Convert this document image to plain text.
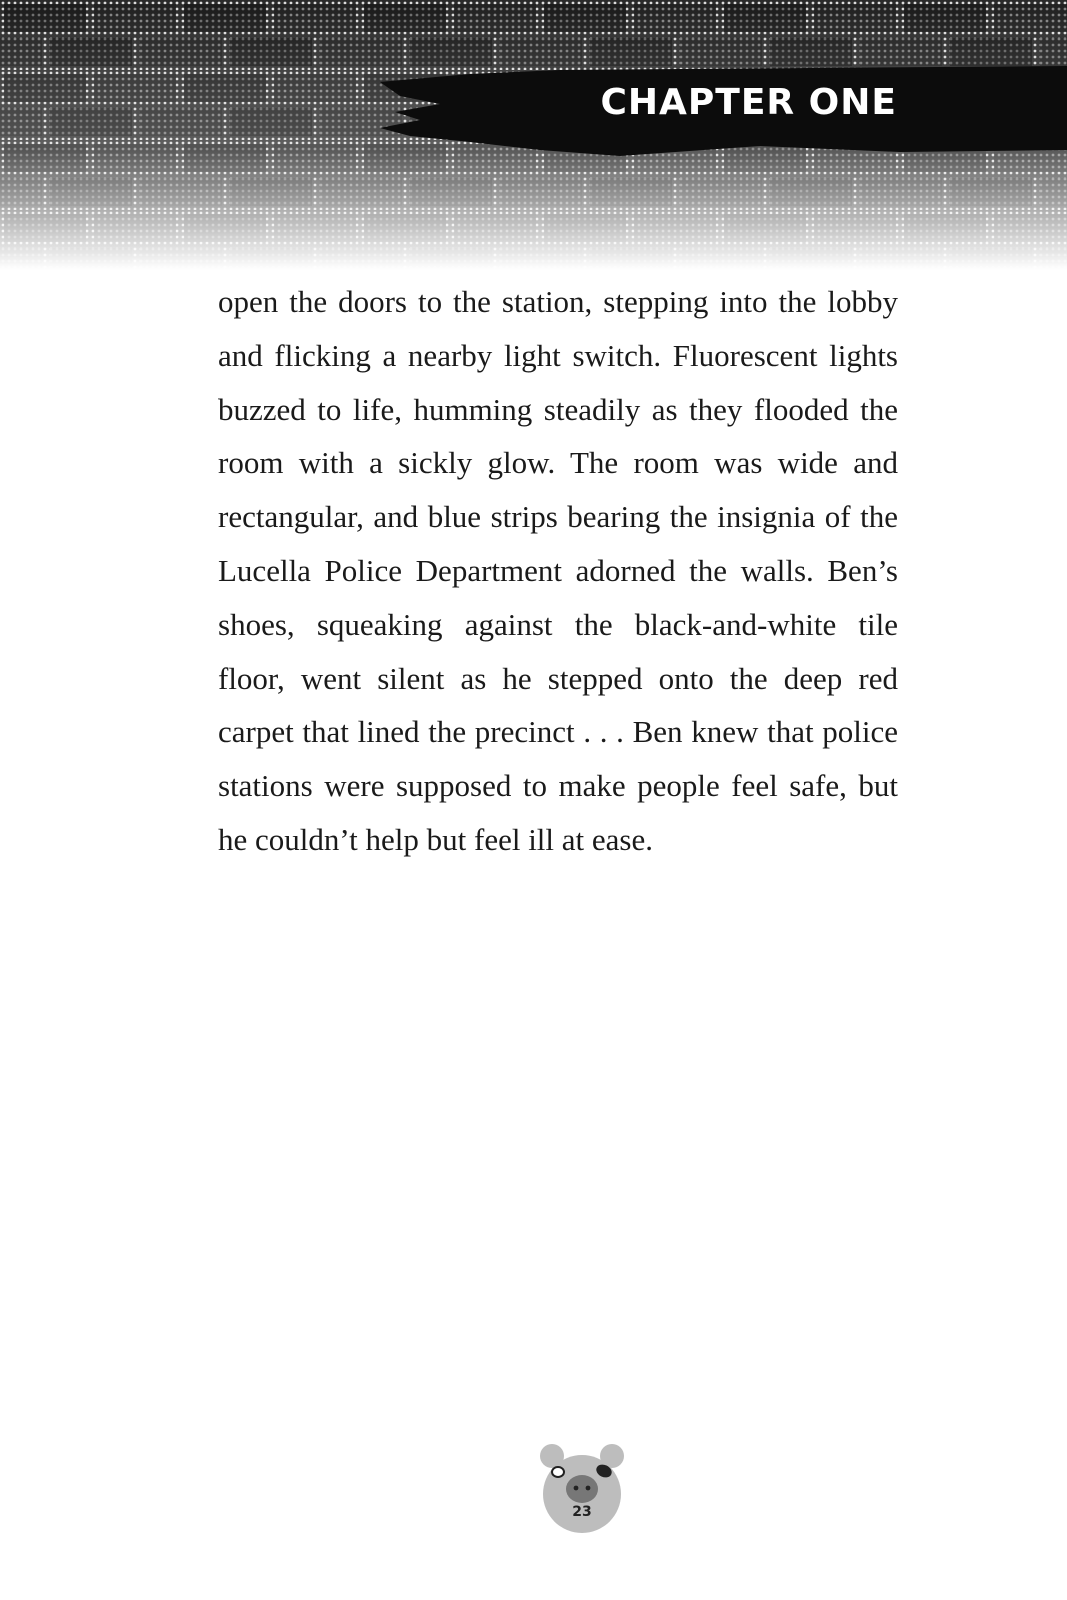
CHAPTER ONE

open the doors to the station, stepping into the lobby and flicking a nearby light switch. Fluorescent lights buzzed to life, humming steadily as they flooded the room with a sickly glow. The room was wide and rectangular, and blue strips bearing the insignia of the Lucella Police Department adorned the walls. Ben’s shoes, squeaking against the black-and-white tile floor, went silent as he stepped onto the deep red carpet that lined the precinct . . . Ben knew that police stations were supposed to make people feel safe, but he couldn’t help but feel ill at ease.

23
